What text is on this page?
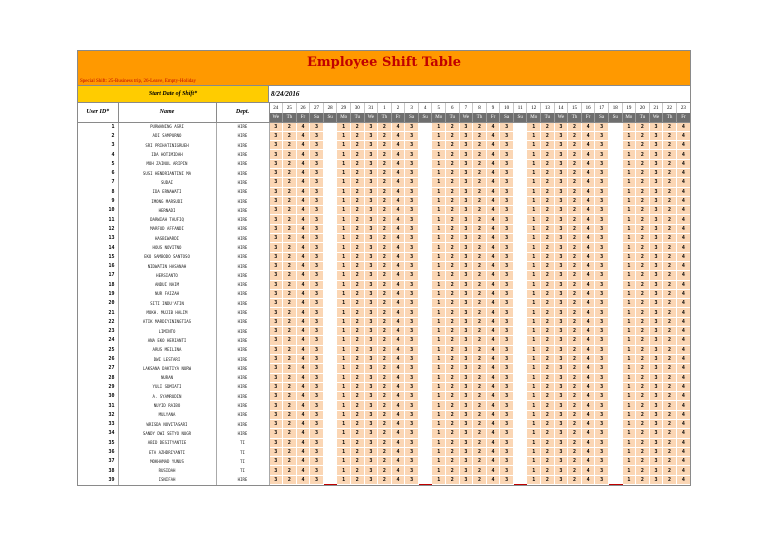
Employee Shift Table
Special Shift: 25-Business trip, 26-Leave, Empty-Holiday
Start Date of Shift*	8/24/2016
User ID*	Name	Dept.	24	25	26	27	28	29	30	31	1	2	3	4	5	6	7	8	9	10	11	12	13	14	15	16	17	18	19	20	21	22	23
			We	Th	Fr	Sa	Su	Mo	Tu	We	Th	Fr	Sa	Su	Mo	Tu	We	Th	Fr	Sa	Su	Mo	Tu	We	Th	Fr	Sa	Su	Mo	Tu	We	Th	Fr
1	PURWANING ASRI	HIRE	3	2	4	3		1	2	3	2	4	3		1	2	3	2	4	3		1	2	3	2	4	3		1	2	3	2	4
2	ADI SAMPURNO	HIRE	3	2	4	3		1	2	3	2	4	3		1	2	3	2	4	3		1	2	3	2	4	3		1	2	3	2	4
3	SRI PRIHATINIGRUEH	HIRE	3	2	4	3		1	2	3	2	4	3		1	2	3	2	4	3		1	2	3	2	4	3		1	2	3	2	4
4	IDA HOTIMIDAH	HIRE	3	2	4	3		1	2	3	2	4	3		1	2	3	2	4	3		1	2	3	2	4	3		1	2	3	2	4
5	MOH ZAINUL ARIPIN	HIRE	3	2	4	3		1	2	3	2	4	3		1	2	3	2	4	3		1	2	3	2	4	3		1	2	3	2	4
6	SUSI HENDRIANTINI MA	HIRE	3	2	4	3		1	2	3	2	4	3		1	2	3	2	4	3		1	2	3	2	4	3		1	2	3	2	4
7	SUDAI	HIRE	3	2	4	3		1	2	3	2	4	3		1	2	3	2	4	3		1	2	3	2	4	3		1	2	3	2	4
8	IDA ERNAWATI	HIRE	3	2	4	3		1	2	3	2	4	3		1	2	3	2	4	3		1	2	3	2	4	3		1	2	3	2	4
9	IMONG MARSUDI	HIRE	3	2	4	3		1	2	3	2	4	3		1	2	3	2	4	3		1	2	3	2	4	3		1	2	3	2	4
10	HERNADI	HIRE	3	2	4	3		1	2	3	2	4	3		1	2	3	2	4	3		1	2	3	2	4	3		1	2	3	2	4
11	DARWIAH TAUFIQ	HIRE	3	2	4	3		1	2	3	2	4	3		1	2	3	2	4	3		1	2	3	2	4	3		1	2	3	2	4
12	MARFUD AFFANDI	HIRE	3	2	4	3		1	2	3	2	4	3		1	2	3	2	4	3		1	2	3	2	4	3		1	2	3	2	4
13	HASBIWARDI	HIRE	3	2	4	3		1	2	3	2	4	3		1	2	3	2	4	3		1	2	3	2	4	3		1	2	3	2	4
14	HOUS NOVITNO	HIRE	3	2	4	3		1	2	3	2	4	3		1	2	3	2	4	3		1	2	3	2	4	3		1	2	3	2	4
15	EKO SAMBODO SANTOSO	HIRE	3	2	4	3		1	2	3	2	4	3		1	2	3	2	4	3		1	2	3	2	4	3		1	2	3	2	4
16	NIDWATIN HASANAH	HIRE	3	2	4	3		1	2	3	2	4	3		1	2	3	2	4	3		1	2	3	2	4	3		1	2	3	2	4
17	HERSIANTO	HIRE	3	2	4	3		1	2	3	2	4	3		1	2	3	2	4	3		1	2	3	2	4	3		1	2	3	2	4
18	ANDUI NAIM	HIRE	3	2	4	3		1	2	3	2	4	3		1	2	3	2	4	3		1	2	3	2	4	3		1	2	3	2	4
19	NUR FAIZAH	HIRE	3	2	4	3		1	2	3	2	4	3		1	2	3	2	4	3		1	2	3	2	4	3		1	2	3	2	4
20	SITI INDU'ATIN	HIRE	3	2	4	3		1	2	3	2	4	3		1	2	3	2	4	3		1	2	3	2	4	3		1	2	3	2	4
21	MOKH. MUJIB HALIM	HIRE	3	2	4	3		1	2	3	2	4	3		1	2	3	2	4	3		1	2	3	2	4	3		1	2	3	2	4
22	ATIK MARDIYININGTIAS	HIRE	3	2	4	3		1	2	3	2	4	3		1	2	3	2	4	3		1	2	3	2	4	3		1	2	3	2	4
23	LIMINTO	HIRE	3	2	4	3		1	2	3	2	4	3		1	2	3	2	4	3		1	2	3	2	4	3		1	2	3	2	4
24	ANA EKO HERIANTI	HIRE	3	2	4	3		1	2	3	2	4	3		1	2	3	2	4	3		1	2	3	2	4	3		1	2	3	2	4
25	ARUS MEILINA	HIRE	3	2	4	3		1	2	3	2	4	3		1	2	3	2	4	3		1	2	3	2	4	3		1	2	3	2	4
26	DWI LESTARI	HIRE	3	2	4	3		1	2	3	2	4	3		1	2	3	2	4	3		1	2	3	2	4	3		1	2	3	2	4
27	LAKSANA DAKTIYA NURW	HIRE	3	2	4	3		1	2	3	2	4	3		1	2	3	2	4	3		1	2	3	2	4	3		1	2	3	2	4
28	NURAN	HIRE	3	2	4	3		1	2	3	2	4	3		1	2	3	2	4	3		1	2	3	2	4	3		1	2	3	2	4
29	YULI SDMIATI	HIRE	3	2	4	3		1	2	3	2	4	3		1	2	3	2	4	3		1	2	3	2	4	3		1	2	3	2	4
30	A. SYAMRUDIN	HIRE	3	2	4	3		1	2	3	2	4	3		1	2	3	2	4	3		1	2	3	2	4	3		1	2	3	2	4
31	NUYID RAIBO	HIRE	3	2	4	3		1	2	3	2	4	3		1	2	3	2	4	3		1	2	3	2	4	3		1	2	3	2	4
32	MULYANA	HIRE	3	2	4	3		1	2	3	2	4	3		1	2	3	2	4	3		1	2	3	2	4	3		1	2	3	2	4
33	WRISDA NOVITASARI	HIRE	3	2	4	3		1	2	3	2	4	3		1	2	3	2	4	3		1	2	3	2	4	3		1	2	3	2	4
34	SANDY DWI SETYO NUGR	HIRE	3	2	4	3		1	2	3	2	4	3		1	2	3	2	4	3		1	2	3	2	4	3		1	2	3	2	4
35	ABID DESITYANTIE	TI	3	2	4	3		1	2	3	2	4	3		1	2	3	2	4	3		1	2	3	2	4	3		1	2	3	2	4
36	ETA AZHDRIYANTI	TI	3	2	4	3		1	2	3	2	4	3		1	2	3	2	4	3		1	2	3	2	4	3		1	2	3	2	4
37	MOKHAMAD YUNUS	TI	3	2	4	3		1	2	3	2	4	3		1	2	3	2	4	3		1	2	3	2	4	3		1	2	3	2	4
38	RUSIDAH	TI	3	2	4	3		1	2	3	2	4	3		1	2	3	2	4	3		1	2	3	2	4	3		1	2	3	2	4
39	ISNIFAH	HIRE	3	2	4	3		1	2	3	2	4	3		1	2	3	2	4	3		1	2	3	2	4	3		1	2	3	2	4
